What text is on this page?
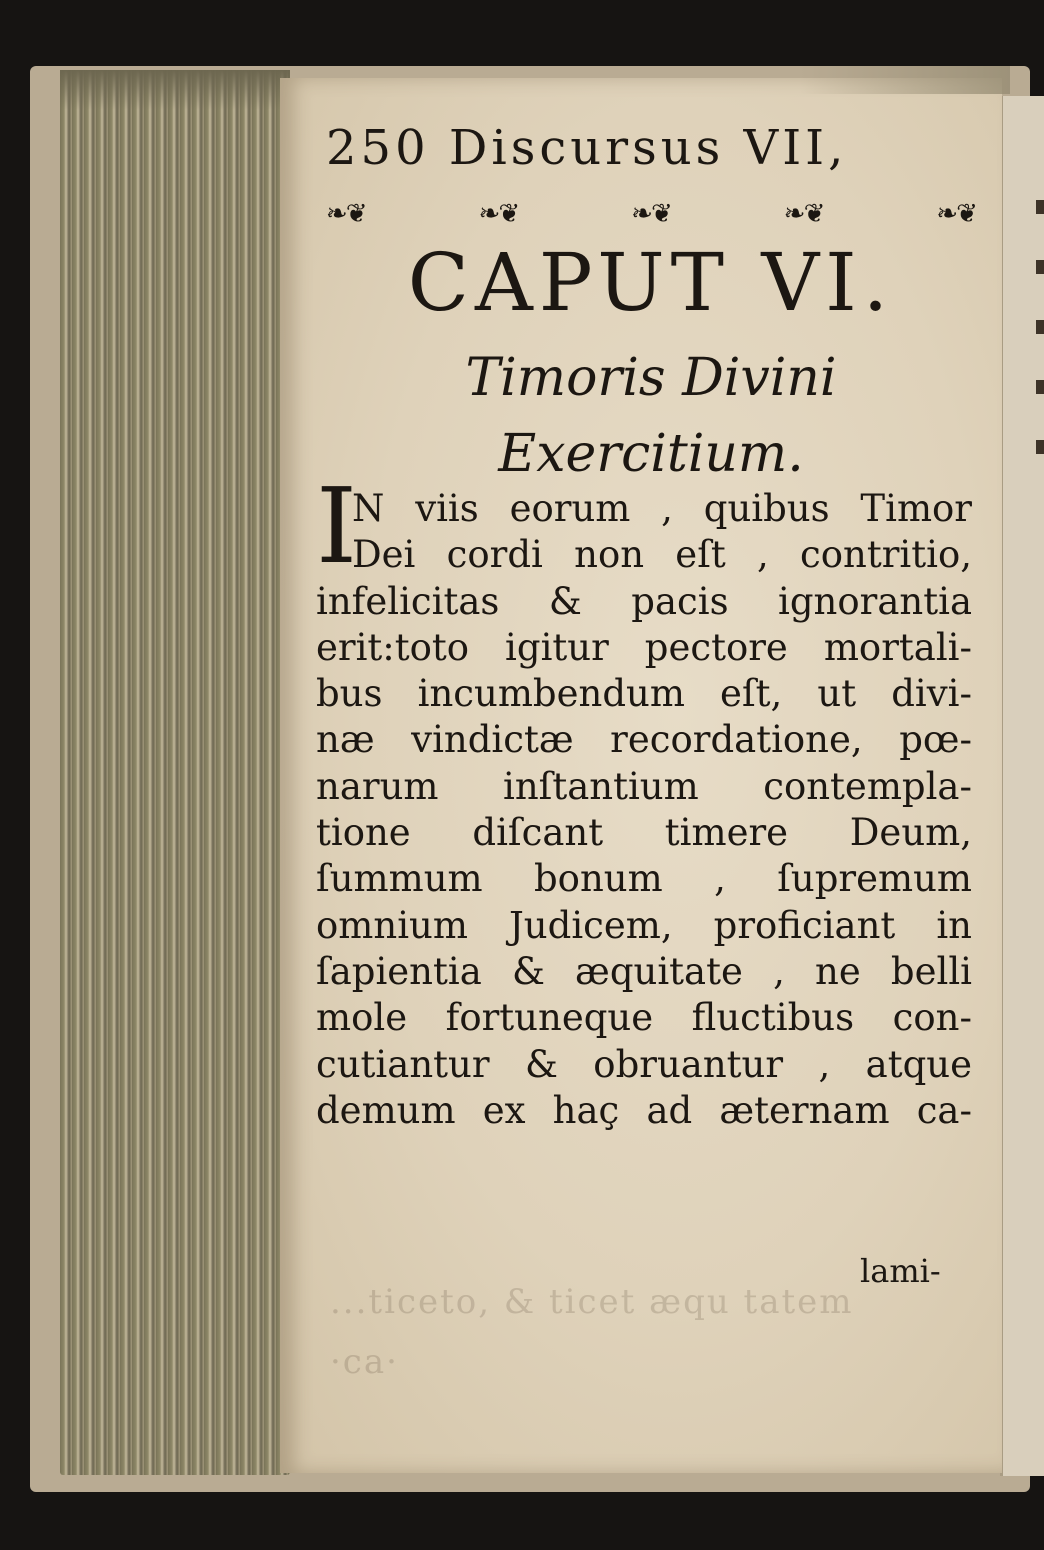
...ticeto, & ticet æqu tatem
·ca·
250 Discursus VII,
❧❦	❧❦	❧❦	❧❦	❧❦
CAPUT VI.
Timoris Divini Exercitium.
I
N viis eorum , quibus Timor
Dei cordi non eſt , contritio,
infelicitas & pacis ignorantia
erit:toto igitur pectore mortali-
bus incumbendum eſt, ut divi-
næ vindictæ recordatione, pœ-
narum inſtantium contempla-
tione diſcant timere Deum,
ſummum bonum , ſupremum
omnium Judicem, proficiant in
ſapientia & æquitate , ne belli
mole fortuneque fluctibus con-
cutiantur & obruantur , atque
demum ex haç ad æternam ca-
lami-
